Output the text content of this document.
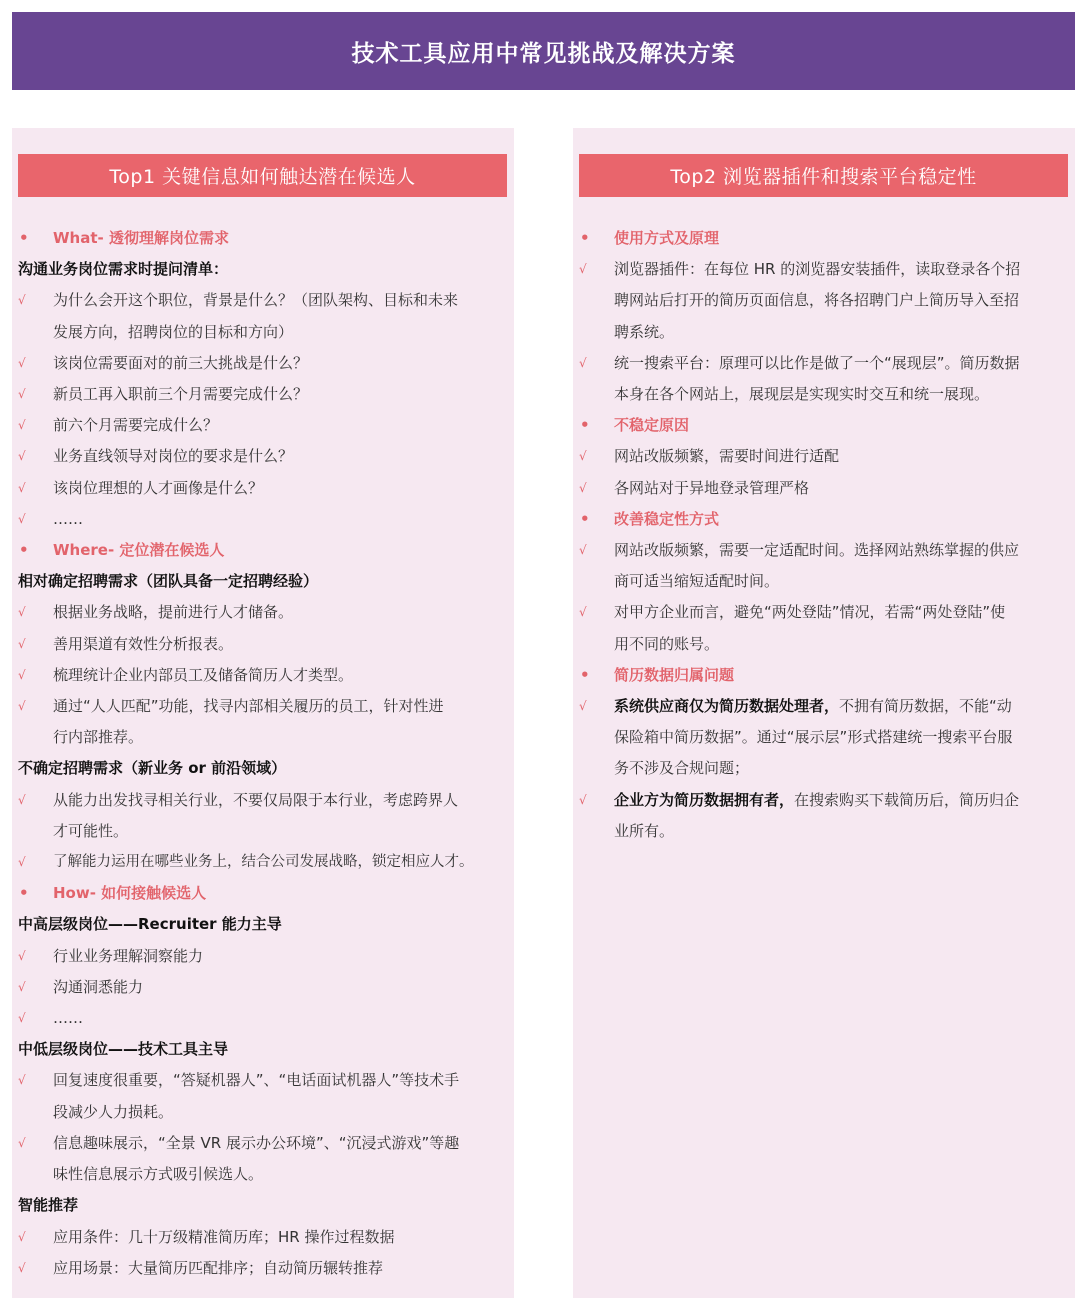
技术工具应用中常见挑战及解决方案
Top1 关键信息如何触达潜在候选人
• What- 透彻理解岗位需求
沟通业务岗位需求时提问清单：
√ 为什么会开这个职位，背景是什么？（团队架构、目标和未来
发展方向，招聘岗位的目标和方向）
√ 该岗位需要面对的前三大挑战是什么？
√ 新员工再入职前三个月需要完成什么？
√ 前六个月需要完成什么？
√ 业务直线领导对岗位的要求是什么？
√ 该岗位理想的人才画像是什么？
√ ……
• Where- 定位潜在候选人
相对确定招聘需求（团队具备一定招聘经验）
√ 根据业务战略，提前进行人才储备。
√ 善用渠道有效性分析报表。
√ 梳理统计企业内部员工及储备简历人才类型。
√ 通过“人人匹配”功能，找寻内部相关履历的员工，针对性进
行内部推荐。
不确定招聘需求（新业务 or 前沿领域）
√ 从能力出发找寻相关行业，不要仅局限于本行业，考虑跨界人
才可能性。
√ 了解能力运用在哪些业务上，结合公司发展战略，锁定相应人才。
• How- 如何接触候选人
中高层级岗位——Recruiter 能力主导
√ 行业业务理解洞察能力
√ 沟通洞悉能力
√ ……
中低层级岗位——技术工具主导
√ 回复速度很重要，“答疑机器人”、“电话面试机器人”等技术手
段减少人力损耗。
√ 信息趣味展示，“全景 VR 展示办公环境”、“沉浸式游戏”等趣
味性信息展示方式吸引候选人。
智能推荐
√ 应用条件：几十万级精准简历库；HR 操作过程数据
√ 应用场景：大量简历匹配排序；自动简历辗转推荐
Top2 浏览器插件和搜索平台稳定性
• 使用方式及原理
√ 浏览器插件：在每位 HR 的浏览器安装插件，读取登录各个招
聘网站后打开的简历页面信息，将各招聘门户上简历导入至招
聘系统。
√ 统一搜索平台：原理可以比作是做了一个“展现层”。简历数据
本身在各个网站上，展现层是实现实时交互和统一展现。
• 不稳定原因
√ 网站改版频繁，需要时间进行适配
√ 各网站对于异地登录管理严格
• 改善稳定性方式
√ 网站改版频繁，需要一定适配时间。选择网站熟练掌握的供应
商可适当缩短适配时间。
√ 对甲方企业而言，避免“两处登陆”情况，若需“两处登陆”使
用不同的账号。
• 简历数据归属问题
√ 系统供应商仅为简历数据处理者，不拥有简历数据，不能“动
保险箱中简历数据”。通过“展示层”形式搭建统一搜索平台服
务不涉及合规问题；
√ 企业方为简历数据拥有者，在搜索购买下载简历后，简历归企
业所有。
